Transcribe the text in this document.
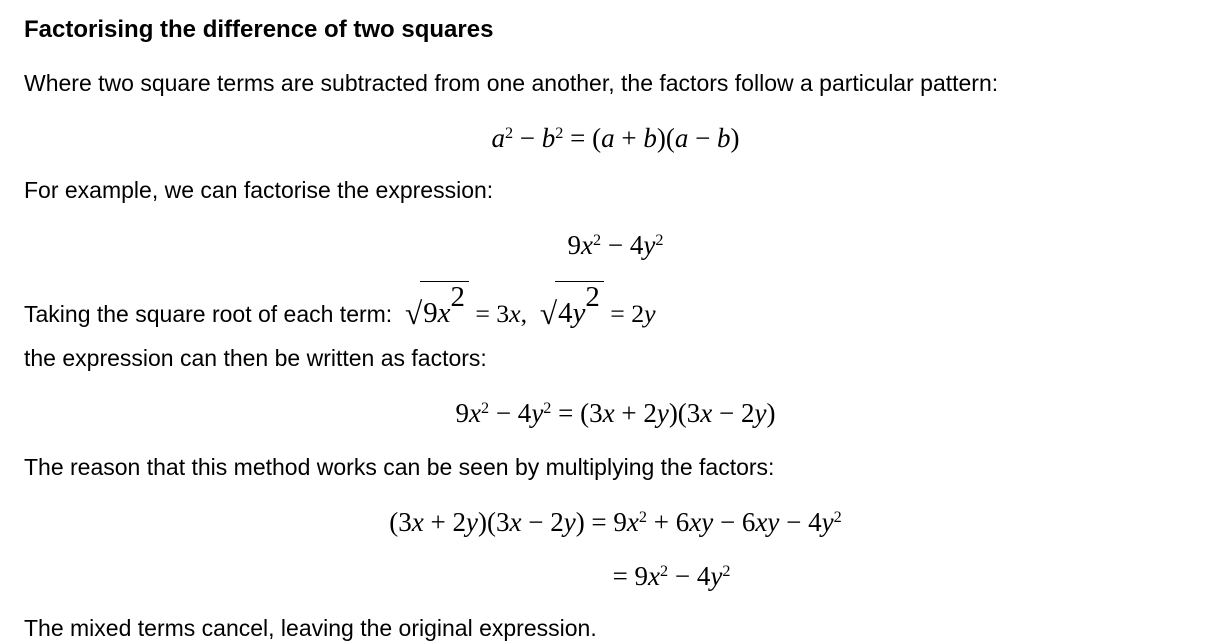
Factorising the difference of two squares

Where two square terms are subtracted from one another, the factors follow a particular pattern:

$a^2 - b^2 = (a + b)(a - b)$

For example, we can factorise the expression:

$9x^2 - 4y^2$

Taking the square root of each term:  √9x2 = 3x,  √4y2 = 2y

the expression can then be written as factors:

$9x^2 - 4y^2 = (3x + 2y)(3x - 2y)$

The reason that this method works can be seen by multiplying the factors:

$(3x + 2y)(3x - 2y) = 9x^2 + 6xy - 6xy - 4y^2$
= $9x^2 - 4y^2$

The mixed terms cancel, leaving the original expression.
